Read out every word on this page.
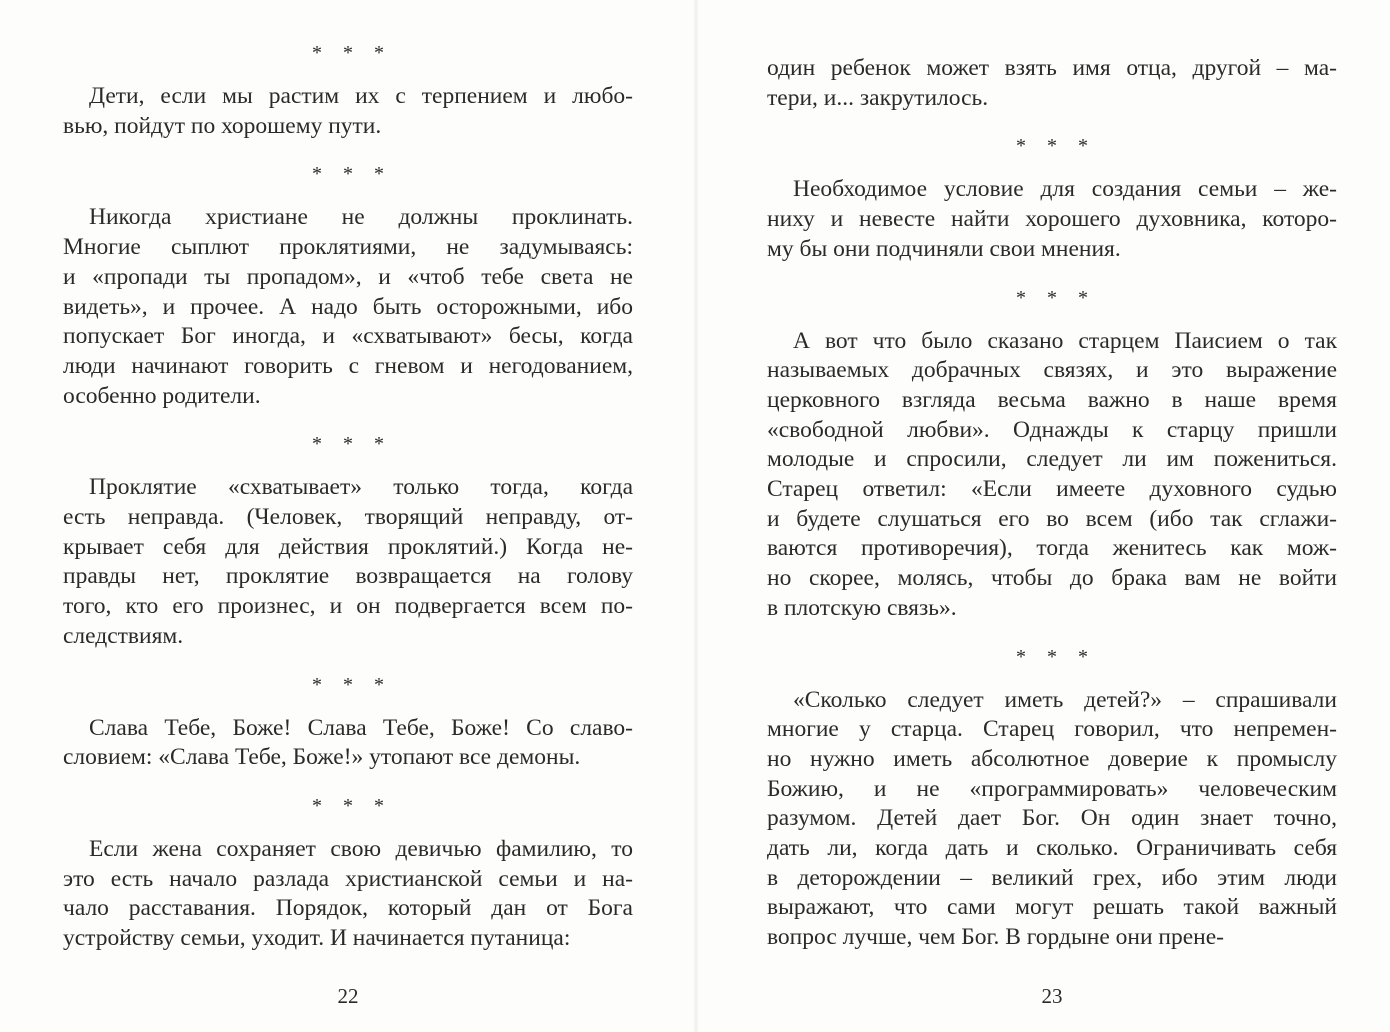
* * *

Дети, если мы растим их с терпением и любо-
вью, пойдут по хорошему пути.

* * *

Никогда христиане не должны проклинать.
Многие сыплют проклятиями, не задумываясь:
и «пропади ты пропадом», и «чтоб тебе света не
видеть», и прочее. А надо быть осторожными, ибо
попускает Бог иногда, и «схватывают» бесы, когда
люди начинают говорить с гневом и негодованием,
особенно родители.

* * *

Проклятие «схватывает» только тогда, когда
есть неправда. (Человек, творящий неправду, от-
крывает себя для действия проклятий.) Когда не-
правды нет, проклятие возвращается на голову
того, кто его произнес, и он подвергается всем по-
следствиям.

* * *

Слава Тебе, Боже! Слава Тебе, Боже! Со славо-
словием: «Слава Тебе, Боже!» утопают все демоны.

* * *

Если жена сохраняет свою девичью фамилию, то
это есть начало разлада христианской семьи и на-
чало расставания. Порядок, который дан от Бога
устройству семьи, уходит. И начинается путаница:
22
один ребенок может взять имя отца, другой – ма-
тери, и... закрутилось.

* * *

Необходимое условие для создания семьи – же-
ниху и невесте найти хорошего духовника, которо-
му бы они подчиняли свои мнения.

* * *

А вот что было сказано старцем Паисием о так
называемых добрачных связях, и это выражение
церковного взгляда весьма важно в наше время
«свободной любви». Однажды к старцу пришли
молодые и спросили, следует ли им пожениться.
Старец ответил: «Если имеете духовного судью
и будете слушаться его во всем (ибо так сглажи-
ваются противоречия), тогда женитесь как мож-
но скорее, молясь, чтобы до брака вам не войти
в плотскую связь».

* * *

«Сколько следует иметь детей?» – спрашивали
многие у старца. Старец говорил, что непремен-
но нужно иметь абсолютное доверие к промыслу
Божию, и не «программировать» человеческим
разумом. Детей дает Бог. Он один знает точно,
дать ли, когда дать и сколько. Ограничивать себя
в деторождении – великий грех, ибо этим люди
выражают, что сами могут решать такой важный
вопрос лучше, чем Бог. В гордыне они прене-
23
